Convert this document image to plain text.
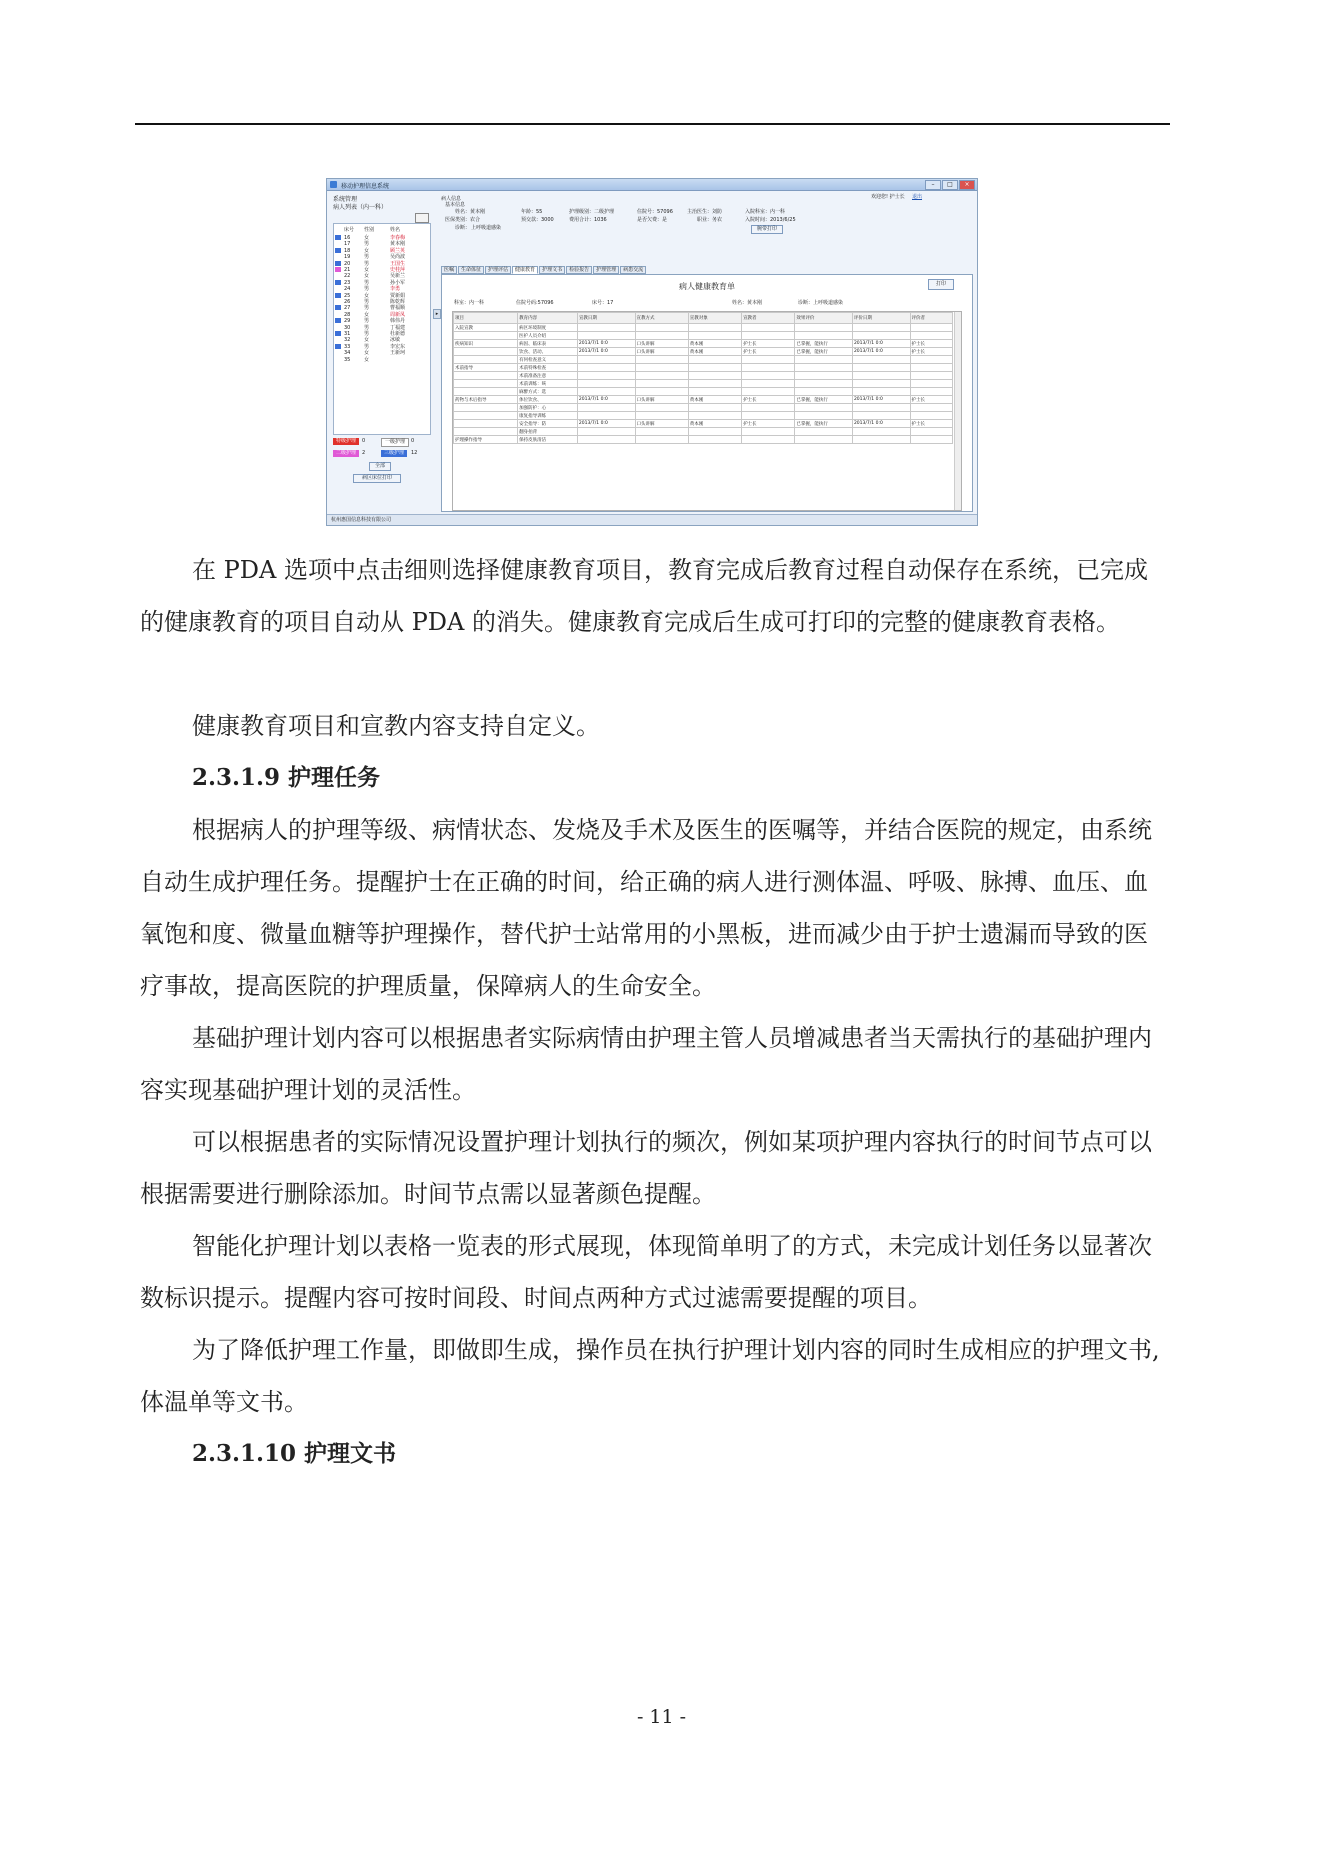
移动护理信息系统	–	□	×
欢迎您! 护士长 退出
系统管理
病人列表（内一科）
床号 性别	姓名
16	女	李春梅
17	男	黄本刚
18	女	顾兰英
19	男	吴尚波
20	男	王国生
21	女	史桂萍
22	女	吴新兰
23	男	孙小军
24	男	李勇
25	女	贾新娟
26	男	陈乾辉
27	男	曹福顺
28	女	周新凤
29	男	韩伟丹
30	男	丁福建
31	男	杜新德
32	女	冰敏
33	男	李宏东
34	女	王新珂
35	女
特级护理	0	一级护理	0
二级护理	2	三级护理	12
全部
病区床位打印
▸
病人信息
基本信息
姓名：黄本刚	年龄：55	护理级别：二级护理	住院号：57096	主治医生：刘防	入院科室：内一科
医保类别：农合	预交款：3000	费用合计：1036	是否欠费：是	职业：务农	入院时间：2013/6/25
诊断： 上呼吸道感染	腕带打印
医嘱	生命体征	护理评估	健康教育	护理文书	检验报告	护理管理	病患交流
病人健康教育单	打印
科室：内一科	住院号码:57096	床号：17	姓名：黄本刚	诊断：上呼吸道感染
项目	教育内容	宣教日期	宣教方式	宣教对象	宣教者	效果评价	评价日期	评价者
入院宣教	病区环境制度							
	医护人员介绍							
疾病知识	病因、临床表	2013/7/1 0:0	口头讲解	黄本刚	护士长	已掌握，能执行	2013/7/1 0:0	护士长
	饮食、活动、	2013/7/1 0:0	口头讲解	黄本刚	护士长	已掌握，能执行	2013/7/1 0:0	护士长
	有何检查意义							
术前指导	术前特殊检查							
	术前准备注意							
	术前训练：咳							
	麻醉方式：选							
药物与术后指导	体位饮食、	2013/7/1 0:0	口头讲解	黄本刚	护士长	已掌握，能执行	2013/7/1 0:0	护士长
	加强防护：心							
	康复指导训练							
	安全指导：防	2013/7/1 0:0	口头讲解	黄本刚	护士长	已掌握，能执行	2013/7/1 0:0	护士长
	翻身拍背							
护理操作指导	保持皮肤清洁							
杭州惠国信息科技有限公司

在 PDA 选项中点击细则选择健康教育项目，教育完成后教育过程自动保存在系统，已完成的健康教育的项目自动从 PDA 的消失。健康教育完成后生成可打印的完整的健康教育表格。

健康教育项目和宣教内容支持自定义。

2.3.1.9 护理任务

根据病人的护理等级、病情状态、发烧及手术及医生的医嘱等，并结合医院的规定，由系统自动生成护理任务。提醒护士在正确的时间，给正确的病人进行测体温、呼吸、脉搏、血压、血氧饱和度、微量血糖等护理操作，替代护士站常用的小黑板，进而减少由于护士遗漏而导致的医疗事故，提高医院的护理质量，保障病人的生命安全。

基础护理计划内容可以根据患者实际病情由护理主管人员增减患者当天需执行的基础护理内容实现基础护理计划的灵活性。

可以根据患者的实际情况设置护理计划执行的频次，例如某项护理内容执行的时间节点可以根据需要进行删除添加。时间节点需以显著颜色提醒。

智能化护理计划以表格一览表的形式展现，体现简单明了的方式，未完成计划任务以显著次数标识提示。提醒内容可按时间段、时间点两种方式过滤需要提醒的项目。

为了降低护理工作量，即做即生成，操作员在执行护理计划内容的同时生成相应的护理文书,体温单等文书。

2.3.1.10 护理文书

- 11 -
